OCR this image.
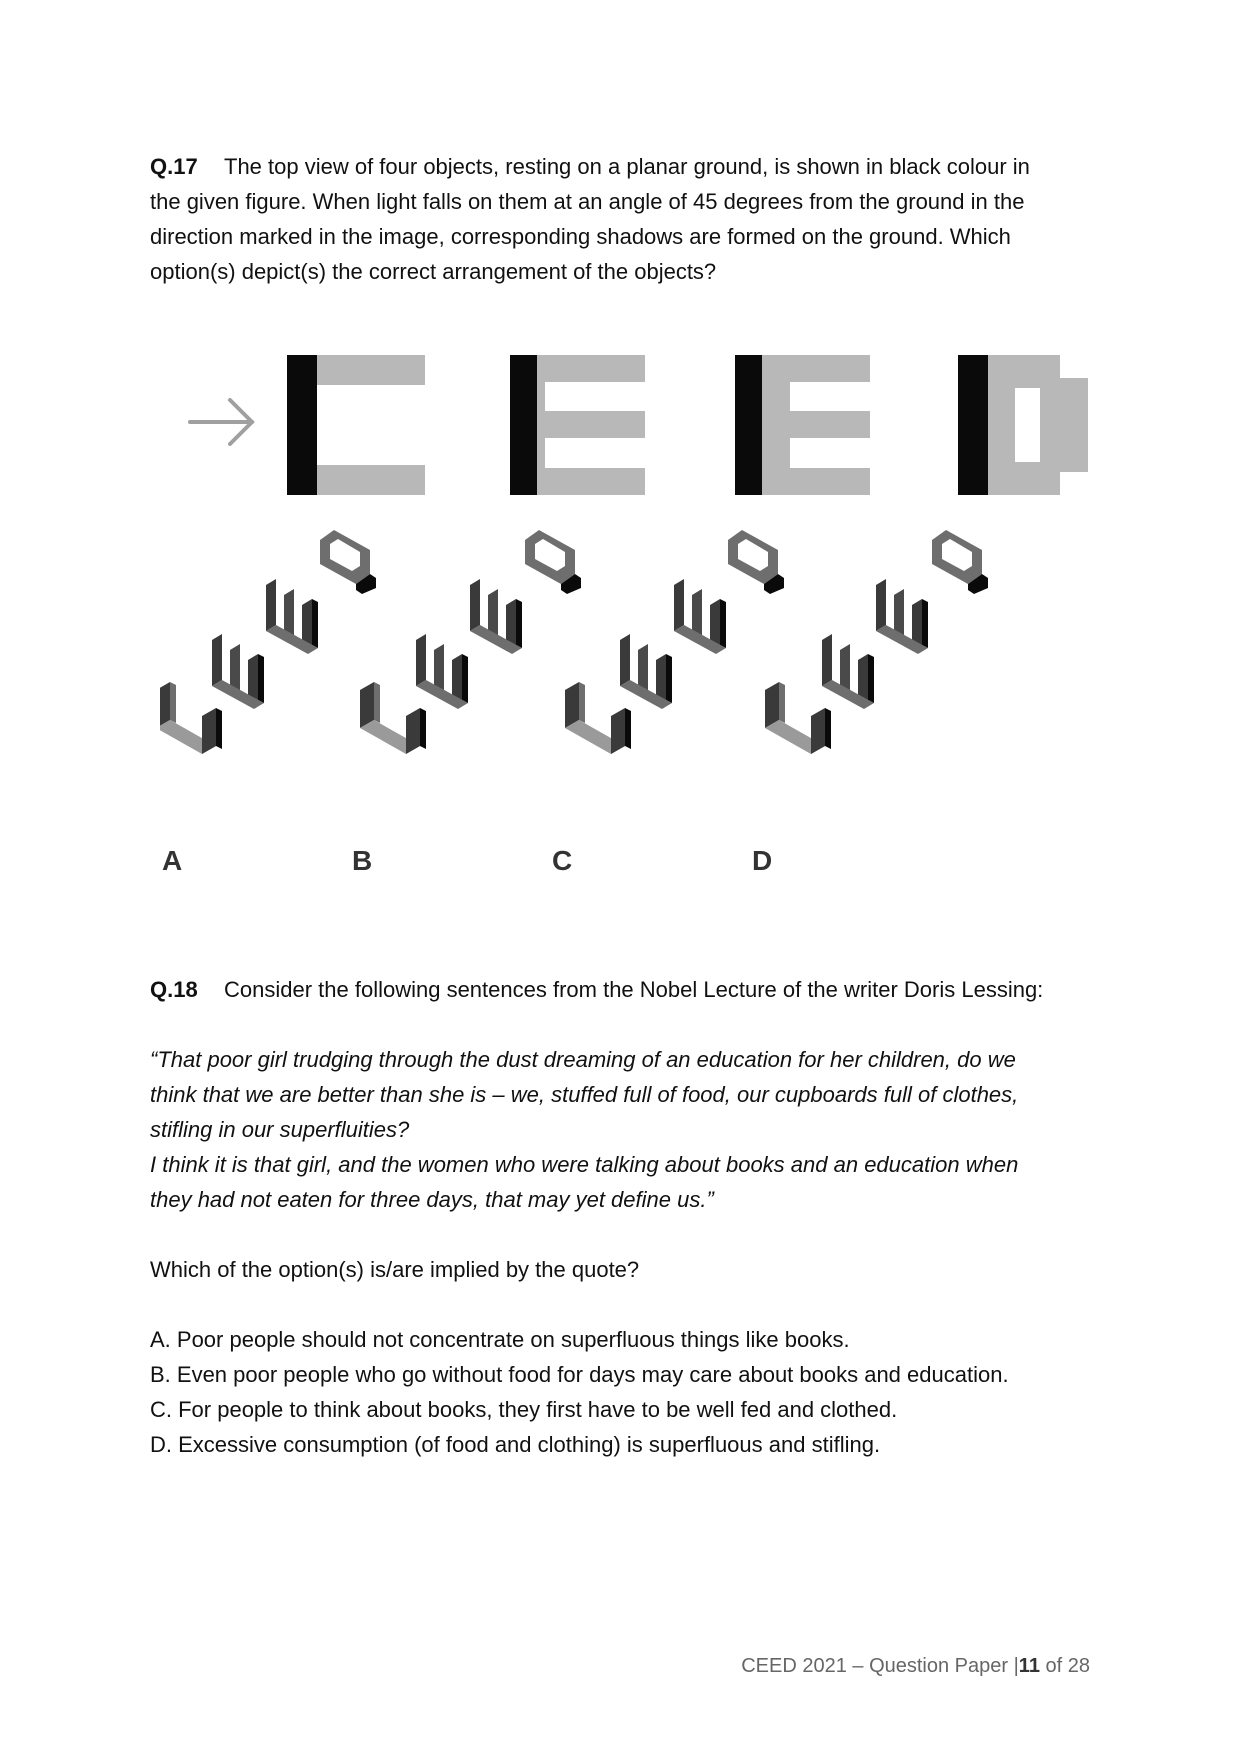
Q.17 The top view of four objects, resting on a planar ground, is shown in black colour in

the given figure. When light falls on them at an angle of 45 degrees from the ground in the

direction marked in the image, corresponding shadows are formed on the ground. Which

option(s) depict(s) the correct arrangement of the objects?

A	B	C	D

Q.18 Consider the following sentences from the Nobel Lecture of the writer Doris Lessing:

“That poor girl trudging through the dust dreaming of an education for her children, do we

think that we are better than she is – we, stuffed full of food, our cupboards full of clothes,

stifling in our superfluities?

I think it is that girl, and the women who were talking about books and an education when

they had not eaten for three days, that may yet define us.”

Which of the option(s) is/are implied by the quote?

A. Poor people should not concentrate on superfluous things like books.

B. Even poor people who go without food for days may care about books and education.

C. For people to think about books, they first have to be well fed and clothed.

D. Excessive consumption (of food and clothing) is superfluous and stifling.

CEED 2021 – Question Paper |11 of 28
